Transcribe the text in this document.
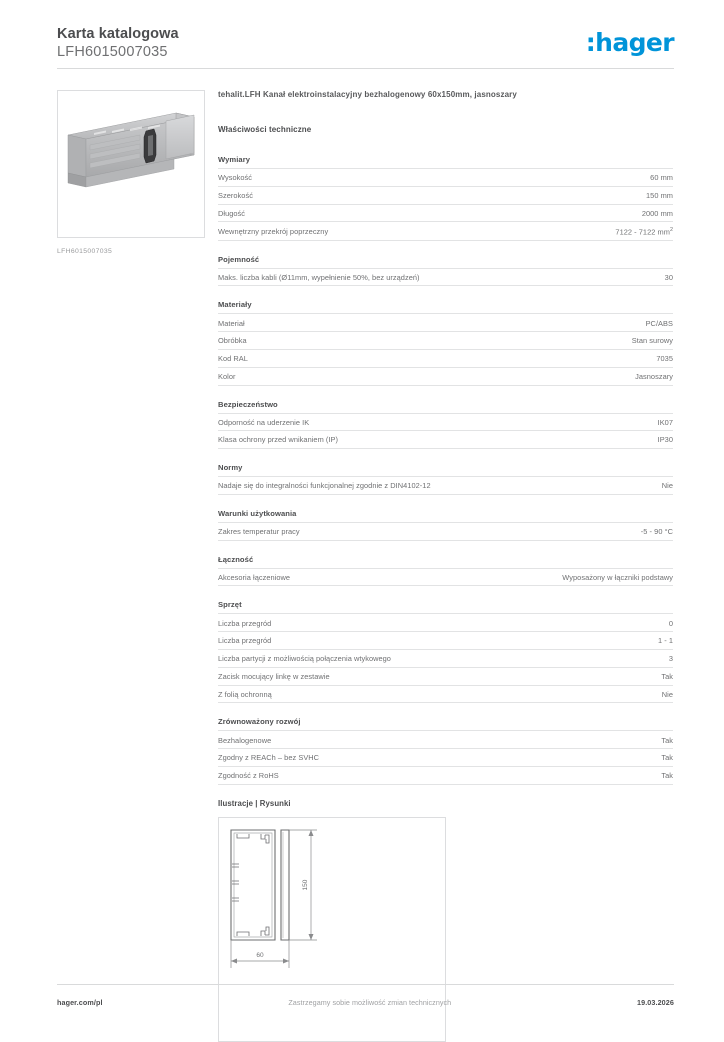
Karta katalogowa
LFH6015007035	:hager
LFH6015007035
tehalit.LFH Kanał elektroinstalacyjny bezhalogenowy 60x150mm, jasnoszary
Właściwości techniczne
Wymiary
Wysokość	60 mm
Szerokość	150 mm
Długość	2000 mm
Wewnętrzny przekrój poprzeczny	7122 - 7122 $mm^2$
Pojemność
Maks. liczba kabli (Ø11mm, wypełnienie 50%, bez urządzeń)	30
Materiały
Materiał	PC/ABS
Obróbka	Stan surowy
Kod RAL	7035
Kolor	Jasnoszary
Bezpieczeństwo
Odporność na uderzenie IK	IK07
Klasa ochrony przed wnikaniem (IP)	IP30
Normy
Nadaje się do integralności funkcjonalnej zgodnie z DIN4102-12	Nie
Warunki użytkowania
Zakres temperatur pracy	-5 - 90 °C
Łączność
Akcesoria łączeniowe	Wyposażony w łączniki podstawy
Sprzęt
Liczba przegród	0
Liczba przegród	1 - 1
Liczba partycji z możliwością połączenia wtykowego	3
Zacisk mocujący linkę w zestawie	Tak
Z folią ochronną	Nie
Zrównoważony rozwój
Bezhalogenowe	Tak
Zgodny z REACh – bez SVHC	Tak
Zgodność z RoHS	Tak
Ilustracje | Rysunki
150
60
hager.com/pl	Zastrzegamy sobie możliwość zmian technicznych	19.03.2026
